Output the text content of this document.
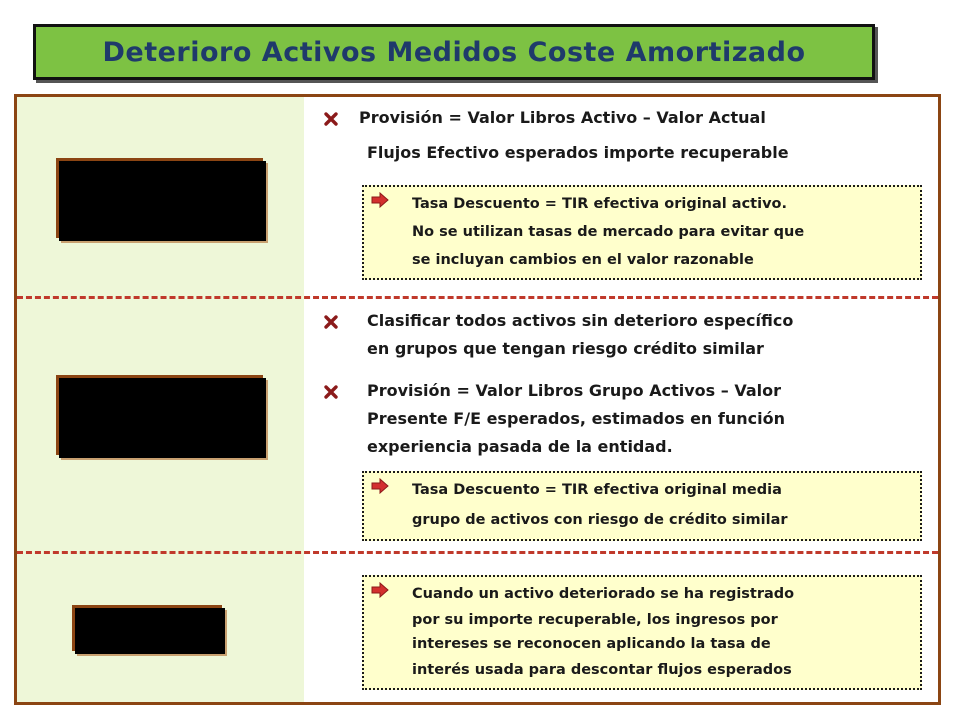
Deterioro Activos Medidos Coste Amortizado
Provisión = Valor Libros Activo – Valor Actual
Flujos Efectivo esperados importe recuperable
Tasa Descuento = TIR efectiva original activo.
No se utilizan tasas de mercado para evitar que
se incluyan cambios en el valor razonable
Clasificar todos activos sin deterioro específico
en grupos que tengan riesgo crédito similar
Provisión = Valor Libros Grupo Activos – Valor
Presente F/E esperados, estimados en función
experiencia pasada de la entidad.
Tasa Descuento = TIR efectiva original media
grupo de activos con riesgo de crédito similar
Cuando un activo deteriorado se ha registrado
por su importe recuperable, los ingresos por
intereses se reconocen aplicando la tasa de
interés usada para descontar flujos esperados
